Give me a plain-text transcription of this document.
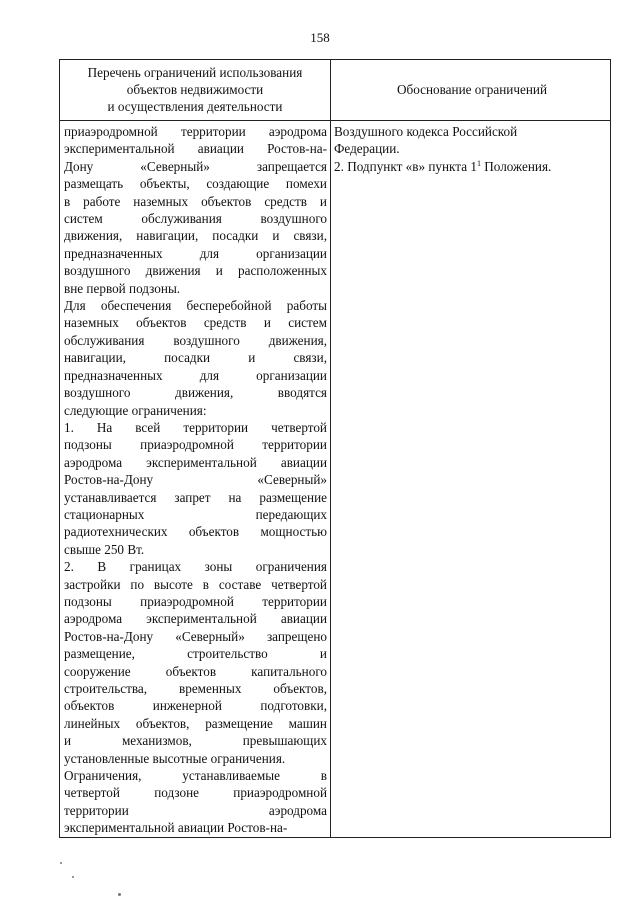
158
Перечень ограничений использования
объектов недвижимости
и осуществления деятельности
Обоснование ограничений
приаэродромной территории аэродрома
экспериментальной авиации Ростов-на-
Дону «Северный» запрещается
размещать объекты, создающие помехи
в работе наземных объектов средств и
систем обслуживания воздушного
движения, навигации, посадки и связи,
предназначенных для организации
воздушного движения и расположенных
вне первой подзоны.
Для обеспечения бесперебойной работы
наземных объектов средств и систем
обслуживания воздушного движения,
навигации, посадки и связи,
предназначенных для организации
воздушного движения, вводятся
следующие ограничения:
1. На всей территории четвертой
подзоны приаэродромной территории
аэродрома экспериментальной авиации
Ростов-на-Дону «Северный»
устанавливается запрет на размещение
стационарных передающих
радиотехнических объектов мощностью
свыше 250 Вт.
2. В границах зоны ограничения
застройки по высоте в составе четвертой
подзоны приаэродромной территории
аэродрома экспериментальной авиации
Ростов-на-Дону «Северный» запрещено
размещение, строительство и
сооружение объектов капитального
строительства, временных объектов,
объектов инженерной подготовки,
линейных объектов, размещение машин
и механизмов, превышающих
установленные высотные ограничения.
Ограничения, устанавливаемые в
четвертой подзоне приаэродромной
территории аэродрома
экспериментальной авиации Ростов-на-
Воздушного кодекса Российской
Федерации.
2. Подпункт «в» пункта $1^1$ Положения.
